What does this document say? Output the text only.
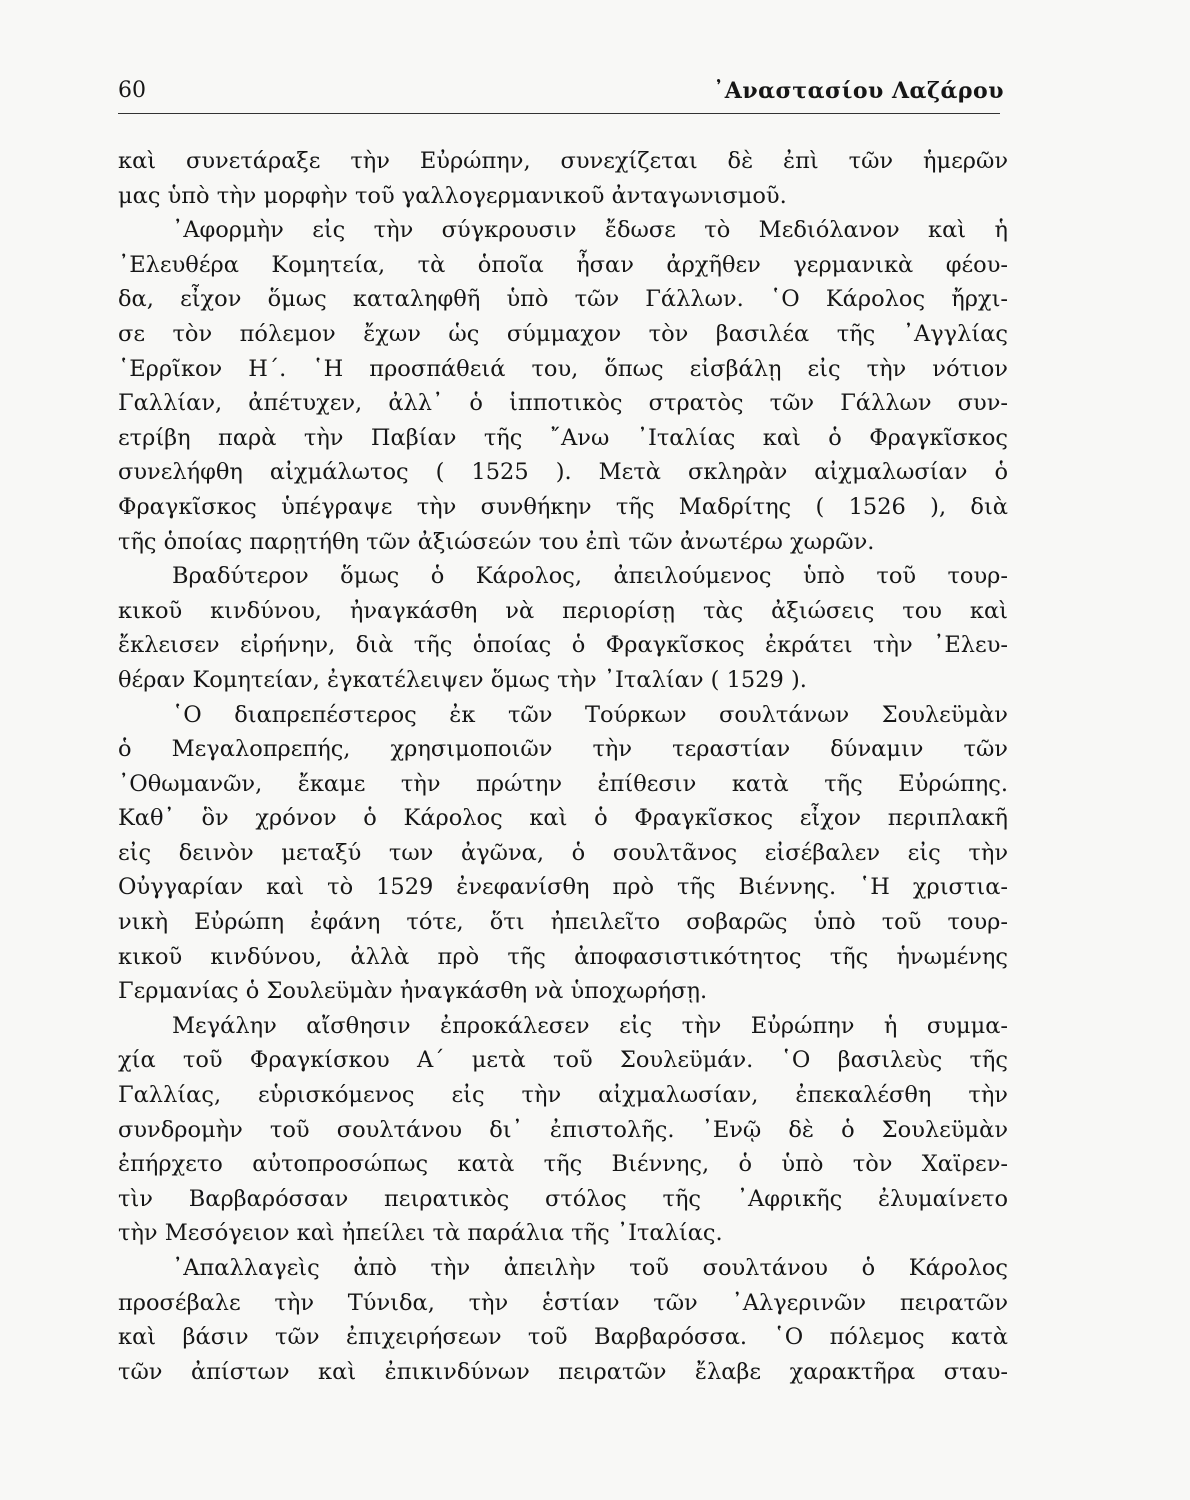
60	᾿Αναστασίου Λαζάρου
καὶ συνετάραξε τὴν Εὐρώπην, συνεχίζεται δὲ ἐπὶ τῶν ἡμερῶν
μας ὑπὸ τὴν μορφὴν τοῦ γαλλογερμανικοῦ ἀνταγωνισμοῦ.
᾿Αφορμὴν εἰς τὴν σύγκρουσιν ἔδωσε τὸ Μεδιόλανον καὶ ἡ
᾿Ελευθέρα Κομητεία, τὰ ὁποῖα ἦσαν ἀρχῆθεν γερμανικὰ φέου-
δα, εἶχον ὅμως καταληφθῆ ὑπὸ τῶν Γάλλων. ῾Ο Κάρολος ἤρχι-
σε τὸν πόλεμον ἔχων ὡς σύμμαχον τὸν βασιλέα τῆς ᾿Αγγλίας
῾Ερρῖκον Η΄. ῾Η προσπάθειά του, ὅπως εἰσβάλῃ εἰς τὴν νότιον
Γαλλίαν, ἀπέτυχεν, ἀλλ᾿ ὁ ἱπποτικὸς στρατὸς τῶν Γάλλων συν-
ετρίβη παρὰ τὴν Παβίαν τῆς ῎Ανω ᾿Ιταλίας καὶ ὁ Φραγκῖσκος
συνελήφθη αἰχμάλωτος ( 1525 ). Μετὰ σκληρὰν αἰχμαλωσίαν ὁ
Φραγκῖσκος ὑπέγραψε τὴν συνθήκην τῆς Μαδρίτης ( 1526 ), διὰ
τῆς ὁποίας παρῃτήθη τῶν ἀξιώσεών του ἐπὶ τῶν ἀνωτέρω χωρῶν.
Βραδύτερον ὅμως ὁ Κάρολος, ἀπειλούμενος ὑπὸ τοῦ τουρ-
κικοῦ κινδύνου, ἠναγκάσθη νὰ περιορίσῃ τὰς ἀξιώσεις του καὶ
ἔκλεισεν εἰρήνην, διὰ τῆς ὁποίας ὁ Φραγκῖσκος ἐκράτει τὴν ᾿Ελευ-
θέραν Κομητείαν, ἐγκατέλειψεν ὅμως τὴν ᾿Ιταλίαν ( 1529 ).
῾Ο διαπρεπέστερος ἐκ τῶν Τούρκων σουλτάνων Σουλεϋμὰν
ὁ Μεγαλοπρεπής, χρησιμοποιῶν τὴν τεραστίαν δύναμιν τῶν
᾿Οθωμανῶν, ἔκαμε τὴν πρώτην ἐπίθεσιν κατὰ τῆς Εὐρώπης.
Καθ᾿ ὃν χρόνον ὁ Κάρολος καὶ ὁ Φραγκῖσκος εἶχον περιπλακῆ
εἰς δεινὸν μεταξύ των ἀγῶνα, ὁ σουλτᾶνος εἰσέβαλεν εἰς τὴν
Οὐγγαρίαν καὶ τὸ 1529 ἐνεφανίσθη πρὸ τῆς Βιέννης. ῾Η χριστια-
νικὴ Εὐρώπη ἐφάνη τότε, ὅτι ἠπειλεῖτο σοβαρῶς ὑπὸ τοῦ τουρ-
κικοῦ κινδύνου, ἀλλὰ πρὸ τῆς ἀποφασιστικότητος τῆς ἡνωμένης
Γερμανίας ὁ Σουλεϋμὰν ἠναγκάσθη νὰ ὑποχωρήσῃ.
Μεγάλην αἴσθησιν ἐπροκάλεσεν εἰς τὴν Εὐρώπην ἡ συμμα-
χία τοῦ Φραγκίσκου Α΄ μετὰ τοῦ Σουλεϋμάν. ῾Ο βασιλεὺς τῆς
Γαλλίας, εὑρισκόμενος εἰς τὴν αἰχμαλωσίαν, ἐπεκαλέσθη τὴν
συνδρομὴν τοῦ σουλτάνου δι᾿ ἐπιστολῆς. ᾿Ενῷ δὲ ὁ Σουλεϋμὰν
ἐπήρχετο αὐτοπροσώπως κατὰ τῆς Βιέννης, ὁ ὑπὸ τὸν Χαϊρεν-
τὶν Βαρβαρόσσαν πειρατικὸς στόλος τῆς ᾿Αφρικῆς ἐλυμαίνετο
τὴν Μεσόγειον καὶ ἠπείλει τὰ παράλια τῆς ᾿Ιταλίας.
᾿Απαλλαγεὶς ἀπὸ τὴν ἀπειλὴν τοῦ σουλτάνου ὁ Κάρολος
προσέβαλε τὴν Τύνιδα, τὴν ἑστίαν τῶν ᾿Αλγερινῶν πειρατῶν
καὶ βάσιν τῶν ἐπιχειρήσεων τοῦ Βαρβαρόσσα. ῾Ο πόλεμος κατὰ
τῶν ἀπίστων καὶ ἐπικινδύνων πειρατῶν ἔλαβε χαρακτῆρα σταυ-
